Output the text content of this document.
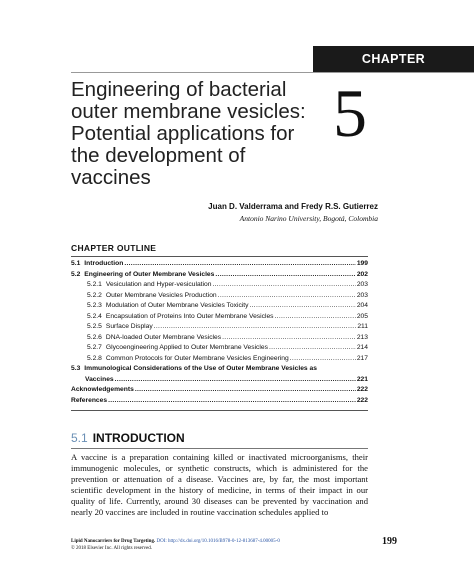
CHAPTER
Engineering of bacterial
outer membrane vesicles:
Potential applications for
the development of
vaccines
5
Juan D. Valderrama and Fredy R.S. Gutierrez
Antonio Narino University, Bogotá, Colombia
CHAPTER OUTLINE
5.1 Introduction .....	199
5.2 Engineering of Outer Membrane Vesicles .....	202
5.2.1 Vesiculation and Hyper-vesiculation .....	203
5.2.2 Outer Membrane Vesicles Production .....	203
5.2.3 Modulation of Outer Membrane Vesicles Toxicity .....	204
5.2.4 Encapsulation of Proteins Into Outer Membrane Vesicles .....	205
5.2.5 Surface Display .....	211
5.2.6 DNA-loaded Outer Membrane Vesicles .....	213
5.2.7 Glycoengineering Applied to Outer Membrane Vesicles .....	214
5.2.8 Common Protocols for Outer Membrane Vesicles Engineering .....	217
5.3 Immunological Considerations of the Use of Outer Membrane Vesicles as
Vaccines .....	221
Acknowledgements .....	222
References .....	222
5.1 INTRODUCTION

A vaccine is a preparation containing killed or inactivated microorganisms, their immunogenic molecules, or synthetic constructs, which is administered for the prevention or attenuation of a disease. Vaccines are, by far, the most important scientific development in the history of medicine, in terms of their impact in our quality of life. Currently, around 30 diseases can be prevented by vaccination and nearly 20 vaccines are included in routine vaccination schedules applied to

Lipid Nanocarriers for Drug Targeting. DOI: http://dx.doi.org/10.1016/B978-0-12-813687-4.00005-0
© 2018 Elsevier Inc. All rights reserved.
199
